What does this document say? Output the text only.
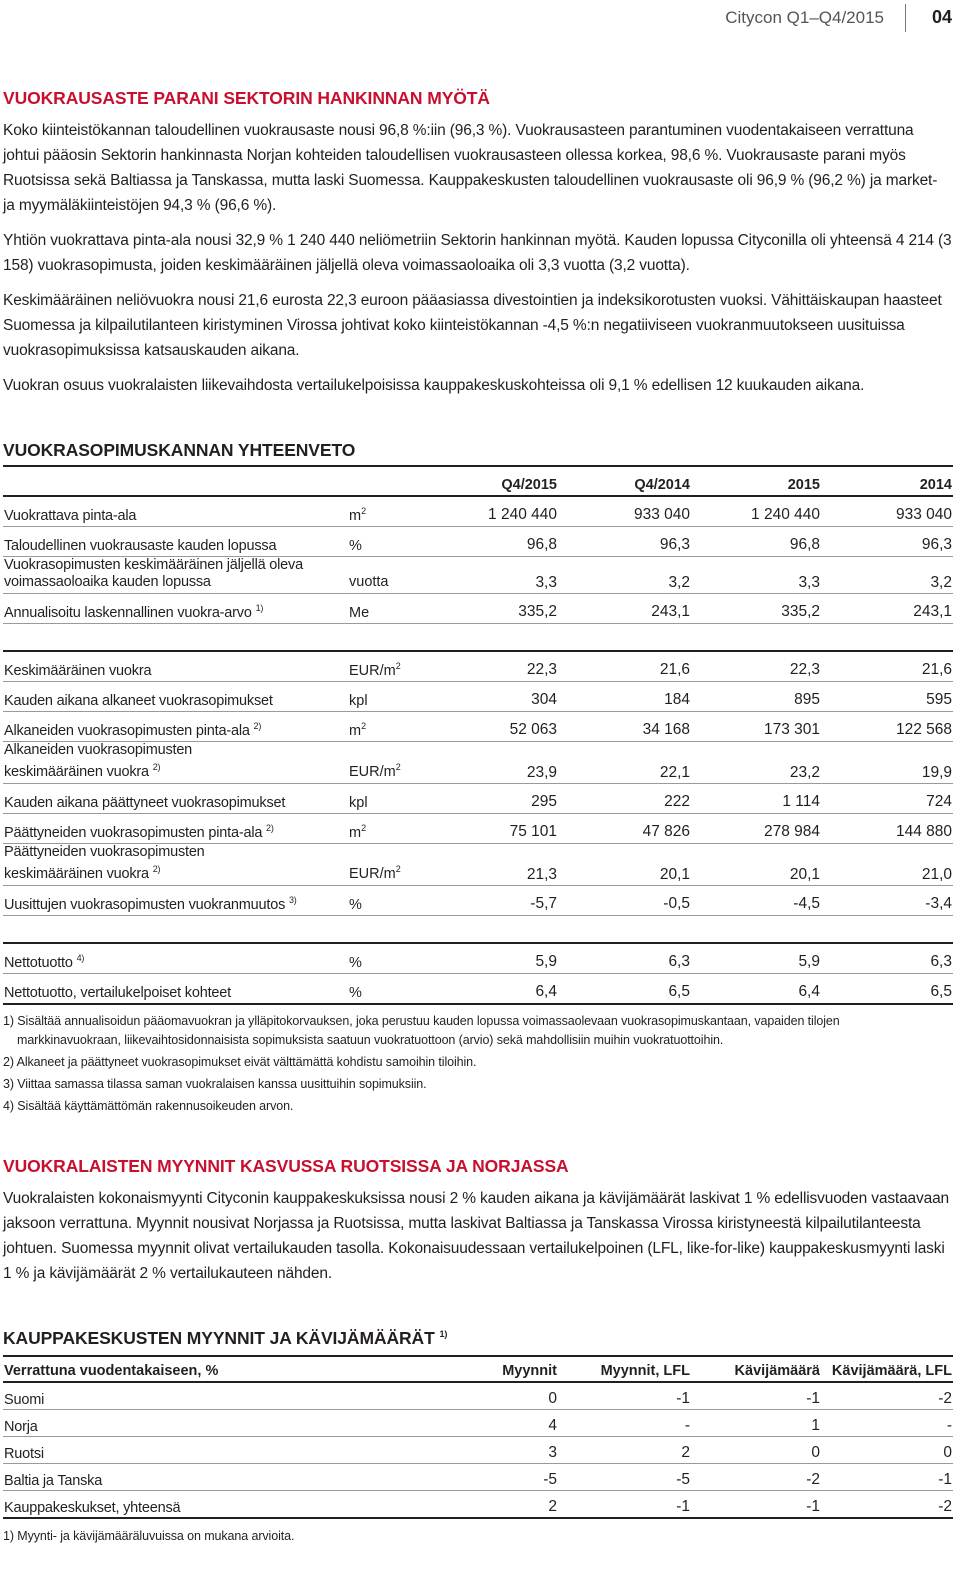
Citycon Q1–Q4/2015	04
VUOKRAUSASTE PARANI SEKTORIN HANKINNAN MYÖTÄ

Koko kiinteistökannan taloudellinen vuokrausaste nousi 96,8 %:iin (96,3 %). Vuokrausasteen parantuminen vuodentakaiseen verrattuna johtui pääosin Sektorin hankinnasta Norjan kohteiden taloudellisen vuokrausasteen ollessa korkea, 98,6 %. Vuokrausaste parani myös Ruotsissa sekä Baltiassa ja Tanskassa, mutta laski Suomessa. Kauppakeskusten taloudellinen vuokrausaste oli 96,9 % (96,2 %) ja market- ja myymäläkiinteistöjen 94,3 % (96,6 %).

Yhtiön vuokrattava pinta-ala nousi 32,9 % 1 240 440 neliömetriin Sektorin hankinnan myötä. Kauden lopussa Cityconilla oli yhteensä 4 214 (3 158) vuokrasopimusta, joiden keskimääräinen jäljellä oleva voimassaoloaika oli 3,3 vuotta (3,2 vuotta).

Keskimääräinen neliövuokra nousi 21,6 eurosta 22,3 euroon pääasiassa divestointien ja indeksikorotusten vuoksi. Vähittäiskaupan haasteet Suomessa ja kilpailutilanteen kiristyminen Virossa johtivat koko kiinteistökannan -4,5 %:n negatiiviseen vuokranmuutokseen uusituissa vuokrasopimuksissa katsauskauden aikana.

Vuokran osuus vuokralaisten liikevaihdosta vertailukelpoisissa kauppakeskuskohteissa oli 9,1 % edellisen 12 kuukauden aikana.

VUOKRASOPIMUSKANNAN YHTEENVETO
		Q4/2015	Q4/2014	2015	2014
Vuokrattava pinta-ala	$m^2$	1 240 440	933 040	1 240 440	933 040
Taloudellinen vuokrausaste kauden lopussa	%	96,8	96,3	96,8	96,3
Vuokrasopimusten keskimääräinen jäljellä oleva
voimassaoloaika kauden lopussa	vuotta	3,3	3,2	3,3	3,2
Annualisoitu laskennallinen vuokra-arvo $^{1)}$	Me	335,2	243,1	335,2	243,1

Keskimääräinen vuokra	EUR/$m^2$	22,3	21,6	22,3	21,6
Kauden aikana alkaneet vuokrasopimukset	kpl	304	184	895	595
Alkaneiden vuokrasopimusten pinta-ala $^{2)}$	$m^2$	52 063	34 168	173 301	122 568
Alkaneiden vuokrasopimusten
keskimääräinen vuokra $^{2)}$	EUR/$m^2$	23,9	22,1	23,2	19,9
Kauden aikana päättyneet vuokrasopimukset	kpl	295	222	1 114	724
Päättyneiden vuokrasopimusten pinta-ala $^{2)}$	$m^2$	75 101	47 826	278 984	144 880
Päättyneiden vuokrasopimusten
keskimääräinen vuokra $^{2)}$	EUR/$m^2$	21,3	20,1	20,1	21,0
Uusittujen vuokrasopimusten vuokranmuutos $^{3)}$	%	-5,7	-0,5	-4,5	-3,4

Nettotuotto $^{4)}$	%	5,9	6,3	5,9	6,3
Nettotuotto, vertailukelpoiset kohteet	%	6,4	6,5	6,4	6,5

1) Sisältää annualisoidun pääomavuokran ja ylläpitokorvauksen, joka perustuu kauden lopussa voimassaolevaan vuokrasopimuskantaan, vapaiden tilojen

markkinavuokraan, liikevaihtosidonnaisista sopimuksista saatuun vuokratuottoon (arvio) sekä mahdollisiin muihin vuokratuottoihin.

2) Alkaneet ja päättyneet vuokrasopimukset eivät välttämättä kohdistu samoihin tiloihin.

3) Viittaa samassa tilassa saman vuokralaisen kanssa uusittuihin sopimuksiin.

4) Sisältää käyttämättömän rakennusoikeuden arvon.

VUOKRALAISTEN MYYNNIT KASVUSSA RUOTSISSA JA NORJASSA

Vuokralaisten kokonaismyynti Cityconin kauppakeskuksissa nousi 2 % kauden aikana ja kävijämäärät laskivat 1 % edellisvuoden vastaavaan jaksoon verrattuna. Myynnit nousivat Norjassa ja Ruotsissa, mutta laskivat Baltiassa ja Tanskassa Virossa kiristyneestä kilpailutilanteesta johtuen. Suomessa myynnit olivat vertailukauden tasolla. Kokonaisuudessaan vertailukelpoinen (LFL, like-for-like) kauppakeskusmyynti laski 1 % ja kävijämäärät 2 % vertailukauteen nähden.

KAUPPAKESKUSTEN MYYNNIT JA KÄVIJÄMÄÄRÄT $^{1)}$
Verrattuna vuodentakaiseen, %	Myynnit	Myynnit, LFL	Kävijämäärä	Kävijämäärä, LFL
Suomi	0	-1	-1	-2
Norja	4	-	1	-
Ruotsi	3	2	0	0
Baltia ja Tanska	-5	-5	-2	-1
Kauppakeskukset, yhteensä	2	-1	-1	-2

1) Myynti- ja kävijämääräluvuissa on mukana arvioita.
